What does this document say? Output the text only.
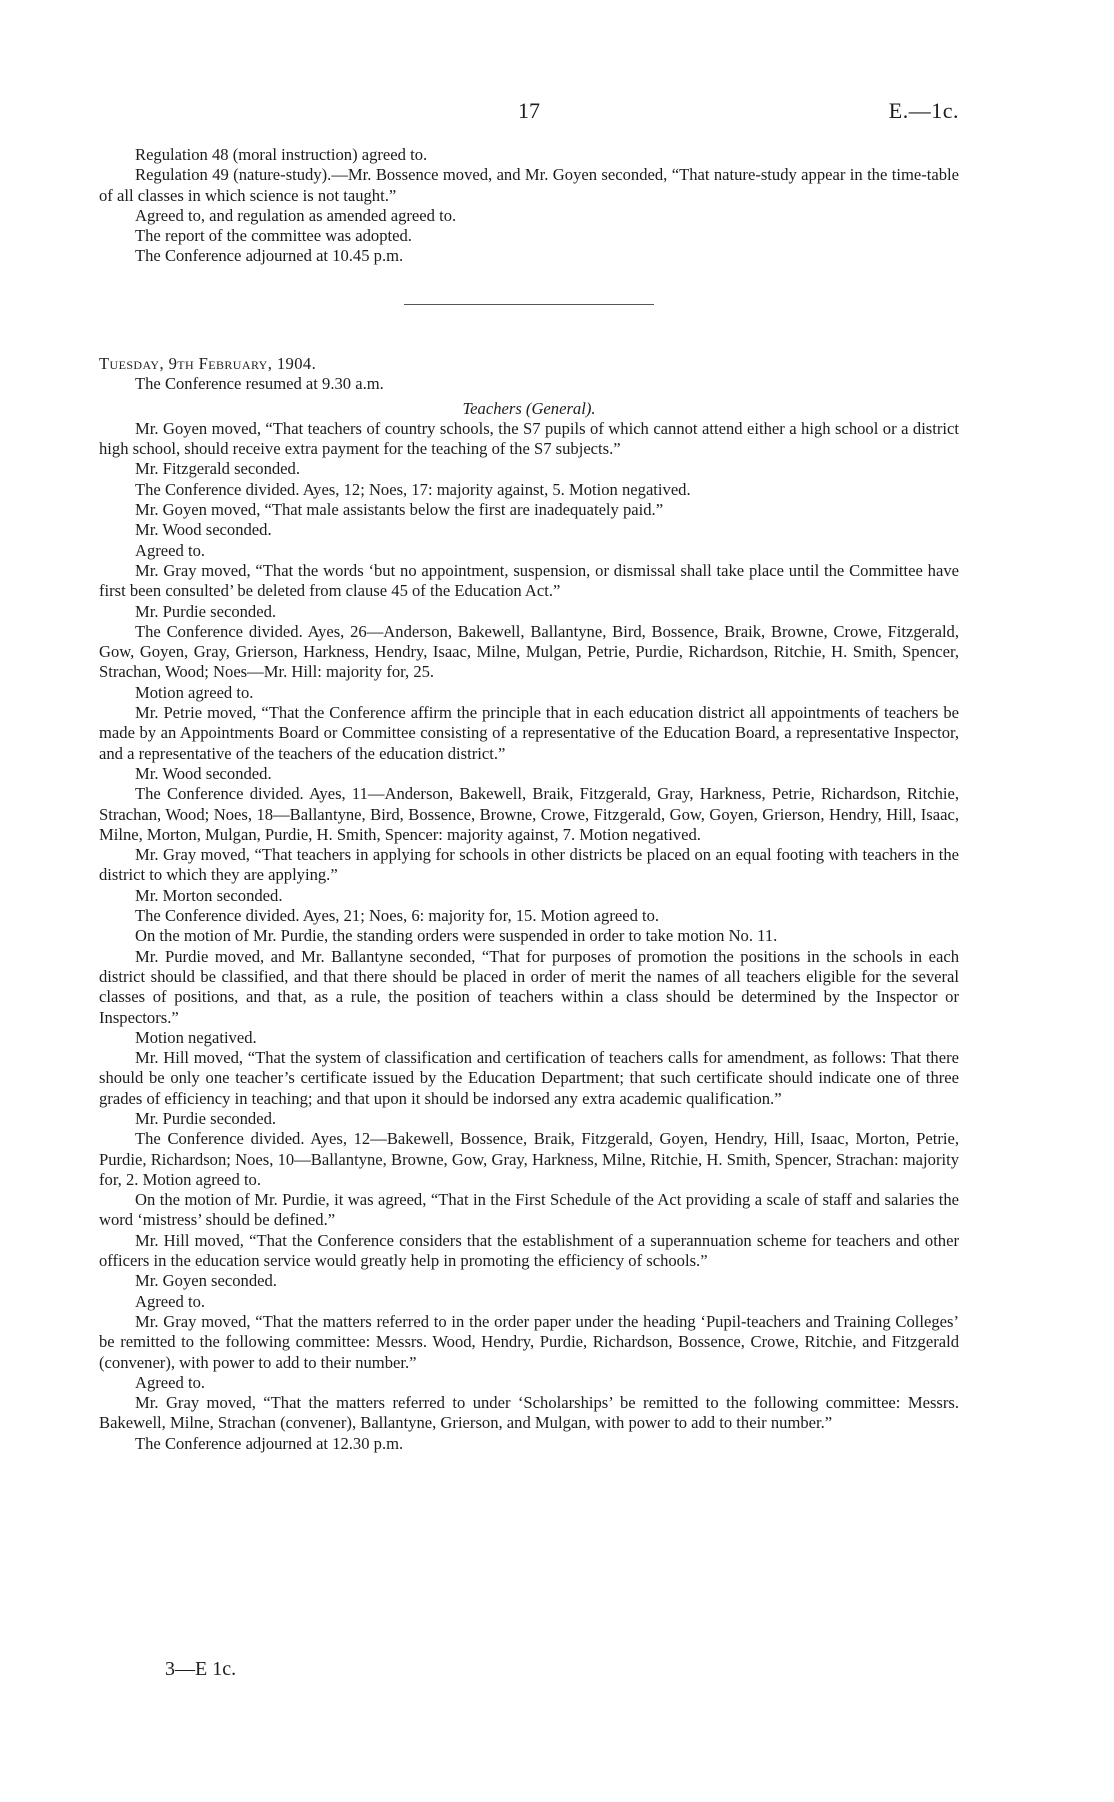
17	E.—1c.

Regulation 48 (moral instruction) agreed to.

Regulation 49 (nature-study).—Mr. Bossence moved, and Mr. Goyen seconded, “That nature-study appear in the time-table of all classes in which science is not taught.”

Agreed to, and regulation as amended agreed to.

The report of the committee was adopted.

The Conference adjourned at 10.45 p.m.

Tuesday, 9th February, 1904.

The Conference resumed at 9.30 a.m.

Teachers (General).

Mr. Goyen moved, “That teachers of country schools, the S7 pupils of which cannot attend either a high school or a district high school, should receive extra payment for the teaching of the S7 subjects.”

Mr. Fitzgerald seconded.

The Conference divided. Ayes, 12; Noes, 17: majority against, 5. Motion negatived.

Mr. Goyen moved, “That male assistants below the first are inadequately paid.”

Mr. Wood seconded.

Agreed to.

Mr. Gray moved, “That the words ‘but no appointment, suspension, or dismissal shall take place until the Committee have first been consulted’ be deleted from clause 45 of the Education Act.”

Mr. Purdie seconded.

The Conference divided. Ayes, 26—Anderson, Bakewell, Ballantyne, Bird, Bossence, Braik, Browne, Crowe, Fitzgerald, Gow, Goyen, Gray, Grierson, Harkness, Hendry, Isaac, Milne, Mulgan, Petrie, Purdie, Richardson, Ritchie, H. Smith, Spencer, Strachan, Wood; Noes—Mr. Hill: majority for, 25.

Motion agreed to.

Mr. Petrie moved, “That the Conference affirm the principle that in each education district all appointments of teachers be made by an Appointments Board or Committee consisting of a representative of the Education Board, a representative Inspector, and a representative of the teachers of the education district.”

Mr. Wood seconded.

The Conference divided. Ayes, 11—Anderson, Bakewell, Braik, Fitzgerald, Gray, Harkness, Petrie, Richardson, Ritchie, Strachan, Wood; Noes, 18—Ballantyne, Bird, Bossence, Browne, Crowe, Fitzgerald, Gow, Goyen, Grierson, Hendry, Hill, Isaac, Milne, Morton, Mulgan, Purdie, H. Smith, Spencer: majority against, 7. Motion negatived.

Mr. Gray moved, “That teachers in applying for schools in other districts be placed on an equal footing with teachers in the district to which they are applying.”

Mr. Morton seconded.

The Conference divided. Ayes, 21; Noes, 6: majority for, 15. Motion agreed to.

On the motion of Mr. Purdie, the standing orders were suspended in order to take motion No. 11.

Mr. Purdie moved, and Mr. Ballantyne seconded, “That for purposes of promotion the positions in the schools in each district should be classified, and that there should be placed in order of merit the names of all teachers eligible for the several classes of positions, and that, as a rule, the position of teachers within a class should be determined by the Inspector or Inspectors.”

Motion negatived.

Mr. Hill moved, “That the system of classification and certification of teachers calls for amendment, as follows: That there should be only one teacher’s certificate issued by the Education Department; that such certificate should indicate one of three grades of efficiency in teaching; and that upon it should be indorsed any extra academic qualification.”

Mr. Purdie seconded.

The Conference divided. Ayes, 12—Bakewell, Bossence, Braik, Fitzgerald, Goyen, Hendry, Hill, Isaac, Morton, Petrie, Purdie, Richardson; Noes, 10—Ballantyne, Browne, Gow, Gray, Harkness, Milne, Ritchie, H. Smith, Spencer, Strachan: majority for, 2. Motion agreed to.

On the motion of Mr. Purdie, it was agreed, “That in the First Schedule of the Act providing a scale of staff and salaries the word ‘mistress’ should be defined.”

Mr. Hill moved, “That the Conference considers that the establishment of a superannuation scheme for teachers and other officers in the education service would greatly help in promoting the efficiency of schools.”

Mr. Goyen seconded.

Agreed to.

Mr. Gray moved, “That the matters referred to in the order paper under the heading ‘Pupil-teachers and Training Colleges’ be remitted to the following committee: Messrs. Wood, Hendry, Purdie, Richardson, Bossence, Crowe, Ritchie, and Fitzgerald (convener), with power to add to their number.”

Agreed to.

Mr. Gray moved, “That the matters referred to under ‘Scholarships’ be remitted to the following committee: Messrs. Bakewell, Milne, Strachan (convener), Ballantyne, Grierson, and Mulgan, with power to add to their number.”

The Conference adjourned at 12.30 p.m.

3—E 1c.
